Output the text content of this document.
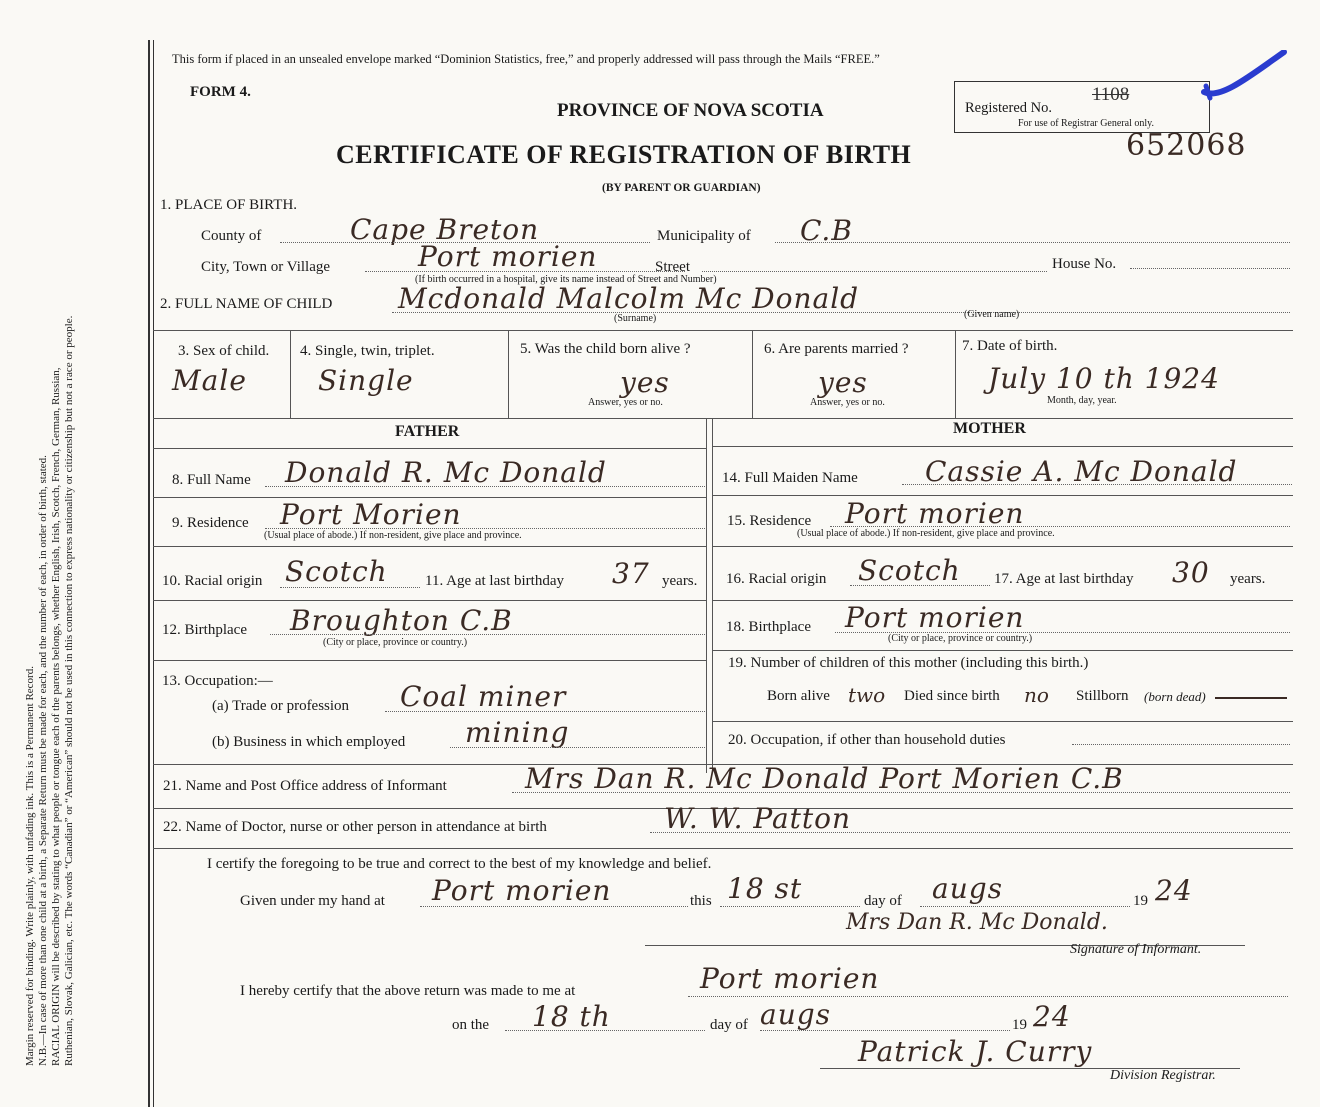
Margin reserved for binding. Write plainly, with unfading ink. This is a Permanent Record. N.B.—In case of more than one child at a birth, a Separate Return must be made for each, and the number of each, in order of birth, stated. RACIAL ORIGIN will be described by stating to what people or tongue each of the parents belongs, whether English, Irish, Scotch, French, German, Russian, Ruthenian, Slovak, Galician, etc. The words “Canadian” or “American” should not be used in this connection to express nationality or citizenship but not a race or people.
This form if placed in an unsealed envelope marked “Dominion Statistics, free,” and properly addressed will pass through the Mails “FREE.”
FORM 4.
PROVINCE OF NOVA SCOTIA
CERTIFICATE OF REGISTRATION OF BIRTH
(BY PARENT OR GUARDIAN)
Registered No.
1108
For use of Registrar General only.
652068
1. PLACE OF BIRTH.
County of	Cape Breton	Municipality of C.B
City, Town or Village	Port morien	Street	House No.
(If birth occurred in a hospital, give its name instead of Street and Number)
2. FULL NAME OF CHILD Mcdonald Malcolm Mc Donald
(Surname)	(Given name)
3. Sex of child.
Male
4. Single, twin, triplet.
Single
5. Was the child born alive ?
yes
Answer, yes or no.
6. Are parents married ?
yes
Answer, yes or no.
7. Date of birth.
July 10 th 1924
Month, day, year.
FATHER	MOTHER
8. Full Name Donald R. Mc Donald	14. Full Maiden Name Cassie A. Mc Donald
9. Residence Port Morien
(Usual place of abode.) If non-resident, give place and province.
15. Residence Port morien
(Usual place of abode.) If non-resident, give place and province.
10. Racial origin Scotch 11. Age at last birthday 37 years. 16. Racial origin Scotch 17. Age at last birthday 30 years.
12. Birthplace Broughton C.B
(City or place, province or country.)
18. Birthplace Port morien
(City or place, province or country.)
13. Occupation:—
(a) Trade or profession Coal miner
(b) Business in which employed mining
19. Number of children of this mother (including this birth.)
Born alive two Died since birth no Stillborn (born dead)
20. Occupation, if other than household duties
21. Name and Post Office address of Informant	Mrs Dan R. Mc Donald Port Morien C.B
22. Name of Doctor, nurse or other person in attendance at birth	W. W. Patton
I certify the foregoing to be true and correct to the best of my knowledge and belief.
Given under my hand at Port morien	this 18 st	day of augs	19 24
Mrs Dan R. Mc Donald.
Signature of Informant.
I hereby certify that the above return was made to me at	Port morien
on the 18 th	day of augs	19 24
Patrick J. Curry
Division Registrar.
